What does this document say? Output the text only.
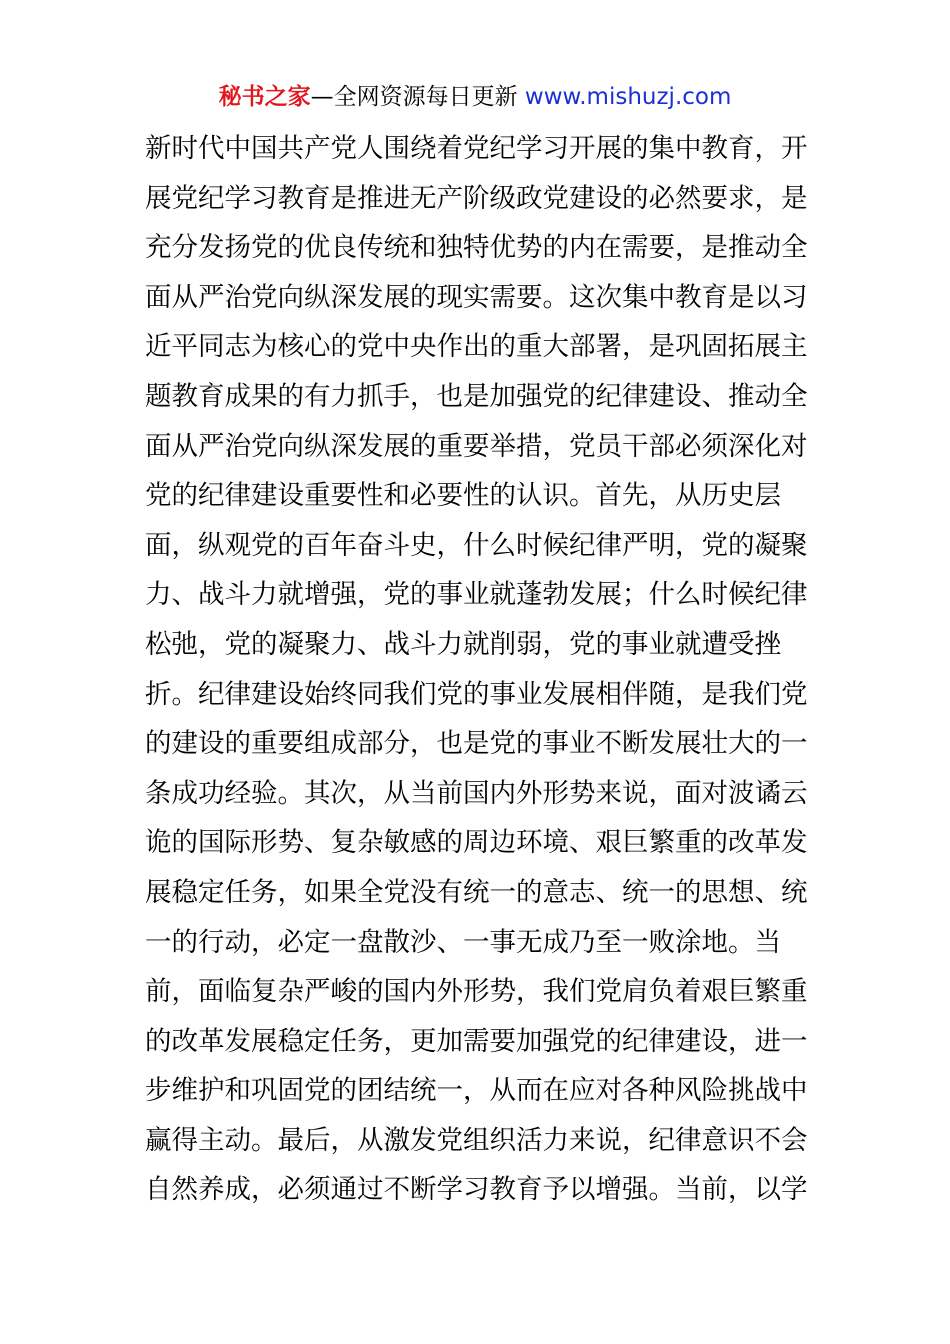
秘书之家—全网资源每日更新 www.mishuzj.com
新时代中国共产党人围绕着党纪学习开展的集中教育，开
展党纪学习教育是推进无产阶级政党建设的必然要求，是
充分发扬党的优良传统和独特优势的内在需要，是推动全
面从严治党向纵深发展的现实需要。这次集中教育是以习
近平同志为核心的党中央作出的重大部署，是巩固拓展主
题教育成果的有力抓手，也是加强党的纪律建设、推动全
面从严治党向纵深发展的重要举措，党员干部必须深化对
党的纪律建设重要性和必要性的认识。首先，从历史层
面，纵观党的百年奋斗史，什么时候纪律严明，党的凝聚
力、战斗力就增强，党的事业就蓬勃发展；什么时候纪律
松弛，党的凝聚力、战斗力就削弱，党的事业就遭受挫
折。纪律建设始终同我们党的事业发展相伴随，是我们党
的建设的重要组成部分，也是党的事业不断发展壮大的一
条成功经验。其次，从当前国内外形势来说，面对波谲云
诡的国际形势、复杂敏感的周边环境、艰巨繁重的改革发
展稳定任务，如果全党没有统一的意志、统一的思想、统
一的行动，必定一盘散沙、一事无成乃至一败涂地。当
前，面临复杂严峻的国内外形势，我们党肩负着艰巨繁重
的改革发展稳定任务，更加需要加强党的纪律建设，进一
步维护和巩固党的团结统一，从而在应对各种风险挑战中
赢得主动。最后，从激发党组织活力来说，纪律意识不会
自然养成，必须通过不断学习教育予以增强。当前，以学
